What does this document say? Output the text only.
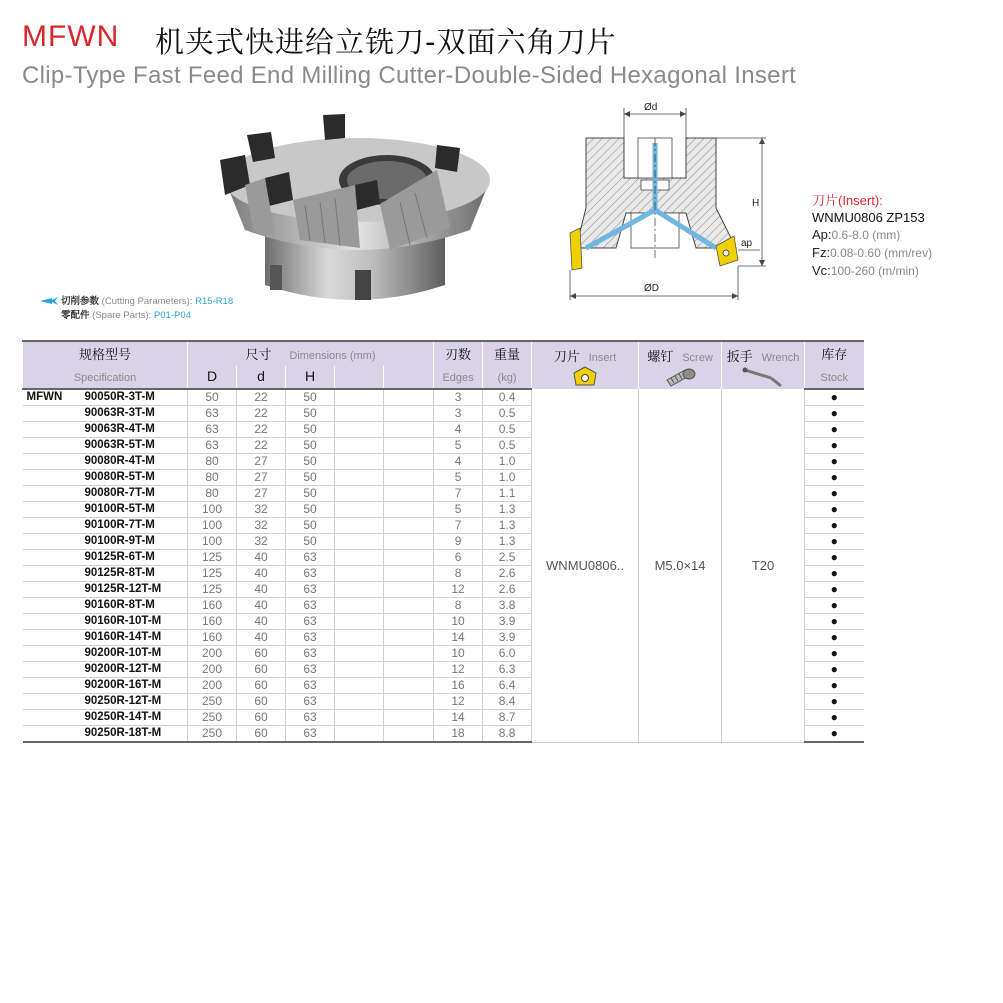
MFWN 机夹式快进给立铣刀-双面六角刀片
Clip-Type Fast Feed End Milling Cutter-Double-Sided Hexagonal Insert
Ød
H
ap
ØD
刀片(Insert):
WNMU0806 ZP153
Ap:0.6-8.0 (mm)
Fz:0.08-0.60 (mm/rev)
Vc:100-260 (m/min)
切削参数 (Cutting Parameters): R15-R18
零配件 (Spare Parts): P01-P04
规格型号	尺寸 Dimensions (mm)					刃数	重量	刀片 Insert	螺钉 Screw	扳手 Wrench	库存
Specification	D	d	H			Edges	(kg)				Stock
MFWN 90050R-3T-M	50	22	50			3	0.4	WNMU0806..	M5.0×14	T20	●
90063R-3T-M	63	22	50			3	0.5				●
90063R-4T-M	63	22	50			4	0.5				●
90063R-5T-M	63	22	50			5	0.5				●
90080R-4T-M	80	27	50			4	1.0				●
90080R-5T-M	80	27	50			5	1.0				●
90080R-7T-M	80	27	50			7	1.1				●
90100R-5T-M	100	32	50			5	1.3				●
90100R-7T-M	100	32	50			7	1.3				●
90100R-9T-M	100	32	50			9	1.3				●
90125R-6T-M	125	40	63			6	2.5				●
90125R-8T-M	125	40	63			8	2.6				●
90125R-12T-M	125	40	63			12	2.6				●
90160R-8T-M	160	40	63			8	3.8				●
90160R-10T-M	160	40	63			10	3.9				●
90160R-14T-M	160	40	63			14	3.9				●
90200R-10T-M	200	60	63			10	6.0				●
90200R-12T-M	200	60	63			12	6.3				●
90200R-16T-M	200	60	63			16	6.4				●
90250R-12T-M	250	60	63			12	8.4				●
90250R-14T-M	250	60	63			14	8.7				●
90250R-18T-M	250	60	63			18	8.8				●
